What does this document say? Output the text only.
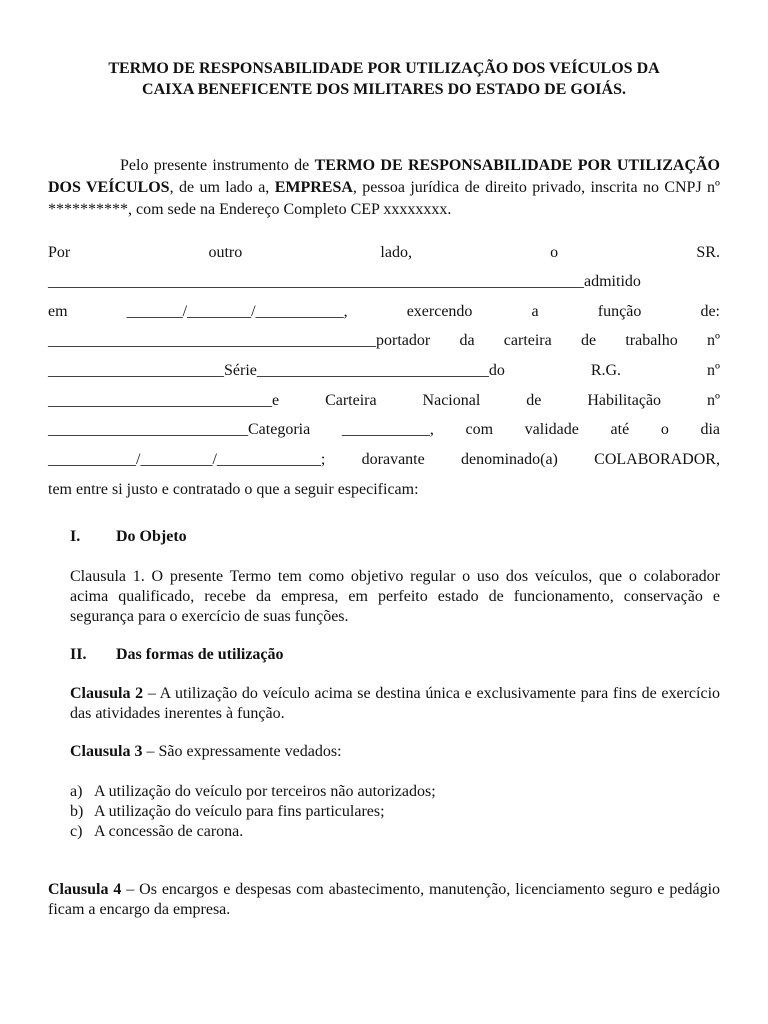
TERMO DE RESPONSABILIDADE POR UTILIZAÇÃO DOS VEÍCULOS DA
CAIXA BENEFICENTE DOS MILITARES DO ESTADO DE GOIÁS.
Pelo presente instrumento de TERMO DE RESPONSABILIDADE POR UTILIZAÇÃO DOS VEÍCULOS, de um lado a, EMPRESA, pessoa jurídica de direito privado, inscrita no CNPJ nº **********, com sede na Endereço Completo CEP xxxxxxxx.
Por	outro	lado,	o	SR.
___________________________________________________________________admitido
em	_______/________/___________,	exercendo	a	função	de:
_________________________________________portador da carteira de trabalho nº
______________________Série_____________________________do	R.G.	nº
____________________________e	Carteira	Nacional	de	Habilitação	nº
_________________________Categoria ___________, com validade até o dia
___________/_________/_____________; doravante denominado(a) COLABORADOR,
tem entre si justo e contratado o que a seguir especificam:
I. Do Objeto
Clausula 1. O presente Termo tem como objetivo regular o uso dos veículos, que o colaborador acima qualificado, recebe da empresa, em perfeito estado de funcionamento, conservação e segurança para o exercício de suas funções.
II. Das formas de utilização
Clausula 2 – A utilização do veículo acima se destina única e exclusivamente para fins de exercício das atividades inerentes à função.
Clausula 3 – São expressamente vedados:
a) A utilização do veículo por terceiros não autorizados;
b) A utilização do veículo para fins particulares;
c) A concessão de carona.
Clausula 4 – Os encargos e despesas com abastecimento, manutenção, licenciamento seguro e pedágio ficam a encargo da empresa.
